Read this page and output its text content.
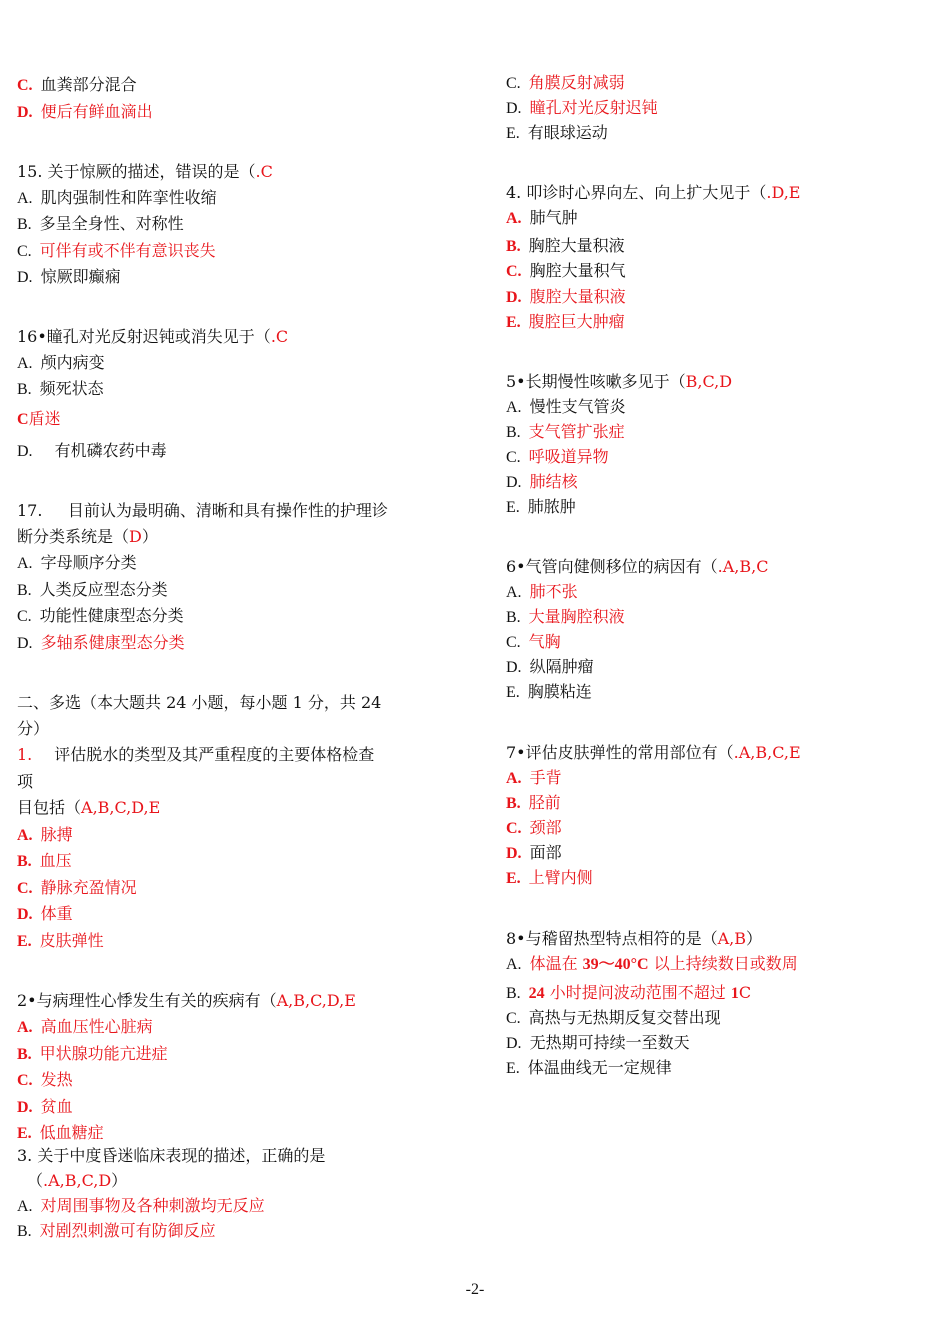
C. 血粪部分混合
D. 便后有鲜血滴出
15. 关于惊厥的描述，错误的是（.C
A. 肌肉强制性和阵挛性收缩
B. 多呈全身性、对称性
C. 可伴有或不伴有意识丧失
D. 惊厥即癫痫
16•瞳孔对光反射迟钝或消失见于（.C
A. 颅内病变
B. 频死状态
C盾迷
D. 有机磷农药中毒
17.     目前认为最明确、清晰和具有操作性的护理诊
断分类系统是（D）
A. 字母顺序分类
B. 人类反应型态分类
C. 功能性健康型态分类
D. 多轴系健康型态分类
二、多选（本大题共 24 小题，每小题 1 分，共 24
分）
1. 评估脱水的类型及其严重程度的主要体格检查
项
目包括（A,B,C,D,E
A. 脉搏
B. 血压
C. 静脉充盈情况
D. 体重
E. 皮肤弹性
2•与病理性心悸发生有关的疾病有（A,B,C,D,E
A. 高血压性心脏病
B. 甲状腺功能亢进症
C. 发热
D. 贫血
E. 低血糖症
3. 关于中度昏迷临床表现的描述，正确的是
（.A,B,C,D）
A. 对周围事物及各种刺激均无反应
B. 对剧烈刺激可有防御反应
C. 角膜反射减弱
D. 瞳孔对光反射迟钝
E. 有眼球运动
4. 叩诊时心界向左、向上扩大见于（.D,E
A. 肺气肿
B. 胸腔大量积液
C. 胸腔大量积气
D. 腹腔大量积液
E. 腹腔巨大肿瘤
5•长期慢性咳嗽多见于（B,C,D
A. 慢性支气管炎
B. 支气管扩张症
C. 呼吸道异物
D. 肺结核
E. 肺脓肿
6•气管向健侧移位的病因有（.A,B,C
A. 肺不张
B. 大量胸腔积液
C. 气胸
D. 纵隔肿瘤
E. 胸膜粘连
7•评估皮肤弹性的常用部位有（.A,B,C,E
A. 手背
B. 胫前
C. 颈部
D. 面部
E. 上臂内侧
8•与稽留热型特点相符的是（A,B）
A. 体温在 39〜40°C 以上持续数日或数周
B. 24 小时提问波动范围不超过 1C
C. 高热与无热期反复交替出现
D. 无热期可持续一至数天
E. 体温曲线无一定规律
-2-
